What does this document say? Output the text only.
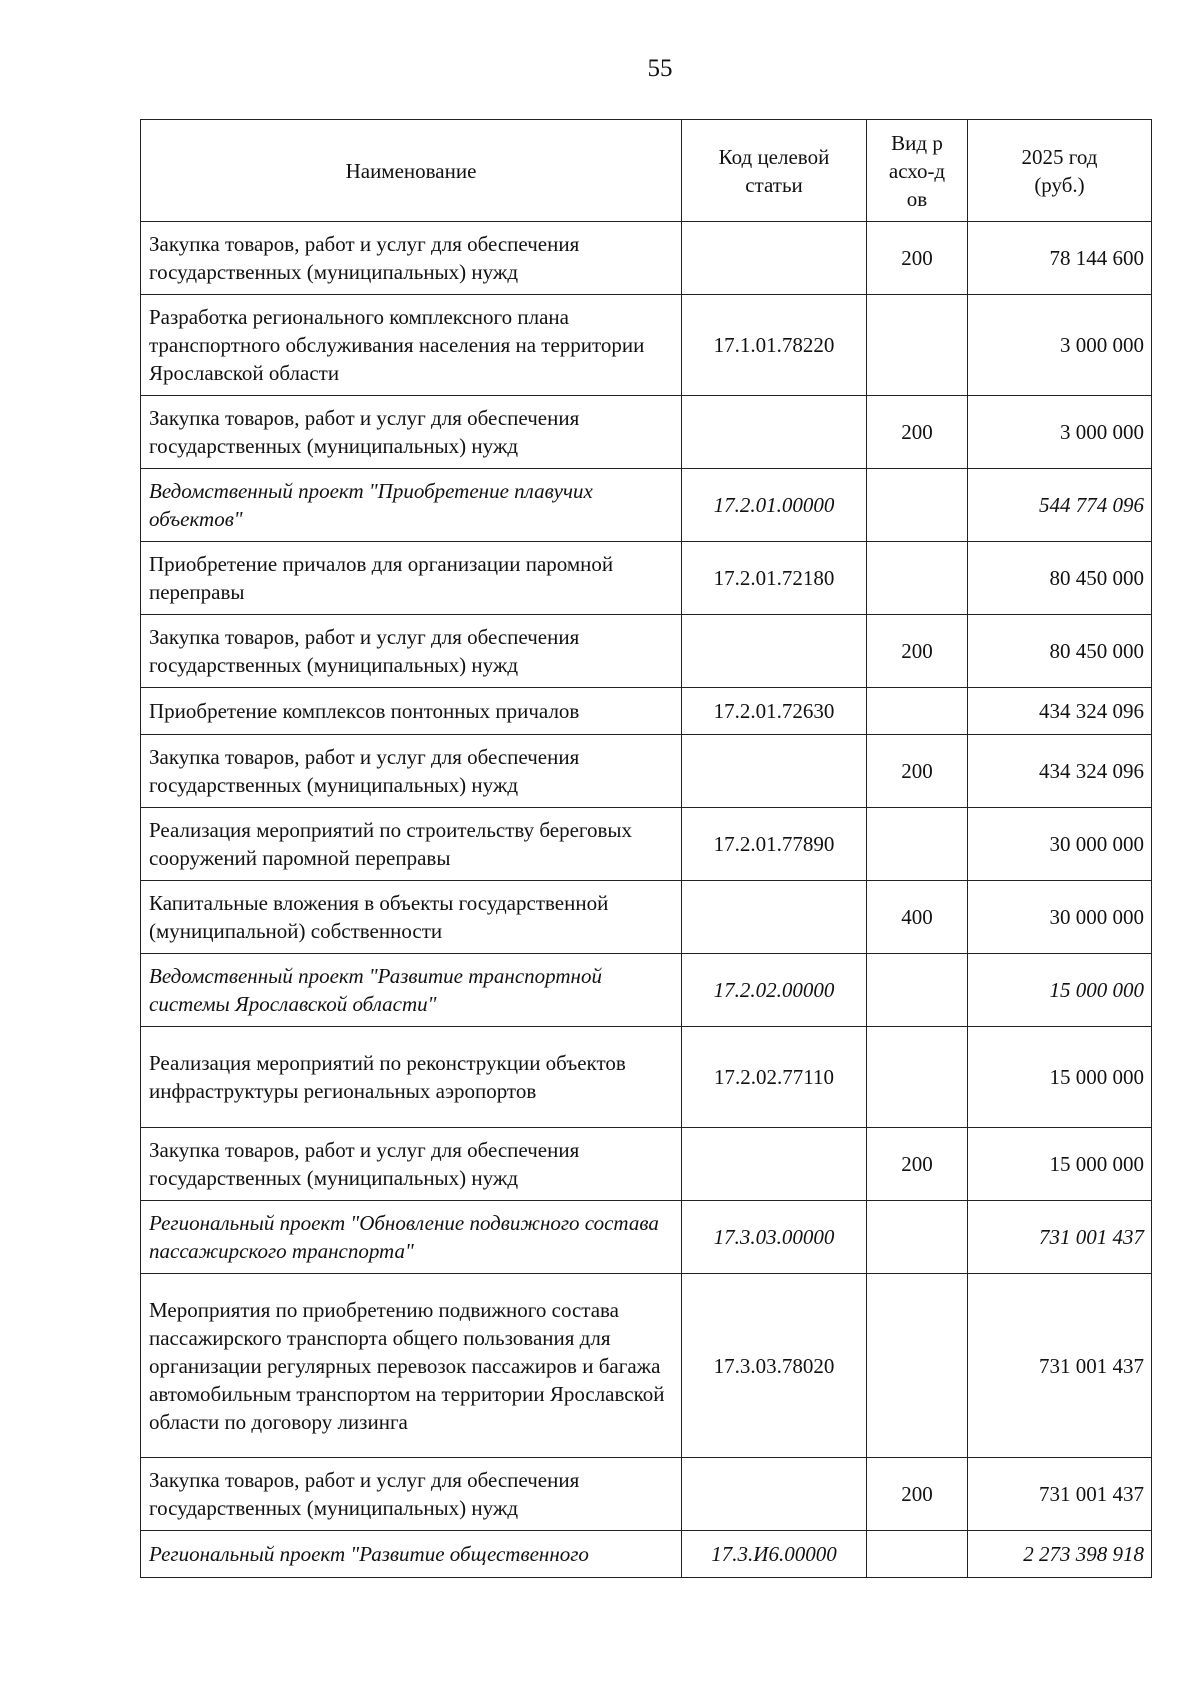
55
Наименование	Код целевой статьи	Вид расхо-дов	2025 год (руб.)

Закупка товаров, работ и услуг для обеспечения государственных (муниципальных) нужд		200	78 144 600
Разработка регионального комплексного плана транспортного обслуживания населения на территории Ярославской области	17.1.01.78220		3 000 000
Закупка товаров, работ и услуг для обеспечения государственных (муниципальных) нужд		200	3 000 000
Ведомственный проект "Приобретение плавучих объектов"	17.2.01.00000		544 774 096
Приобретение причалов для организации паромной переправы	17.2.01.72180		80 450 000
Закупка товаров, работ и услуг для обеспечения государственных (муниципальных) нужд		200	80 450 000
Приобретение комплексов понтонных причалов	17.2.01.72630		434 324 096
Закупка товаров, работ и услуг для обеспечения государственных (муниципальных) нужд		200	434 324 096
Реализация мероприятий по строительству береговых сооружений паромной переправы	17.2.01.77890		30 000 000
Капитальные вложения в объекты государственной (муниципальной) собственности		400	30 000 000
Ведомственный проект "Развитие транспортной системы Ярославской области"	17.2.02.00000		15 000 000
Реализация мероприятий по реконструкции объектов инфраструктуры региональных аэропортов	17.2.02.77110		15 000 000
Закупка товаров, работ и услуг для обеспечения государственных (муниципальных) нужд		200	15 000 000
Региональный проект "Обновление подвижного состава пассажирского транспорта"	17.3.03.00000		731 001 437
Мероприятия по приобретению подвижного состава пассажирского транспорта общего пользования для организации регулярных перевозок пассажиров и багажа автомобильным транспортом на территории Ярославской области по договору лизинга	17.3.03.78020		731 001 437
Закупка товаров, работ и услуг для обеспечения государственных (муниципальных) нужд		200	731 001 437
Региональный проект "Развитие общественного	17.3.И6.00000		2 273 398 918
